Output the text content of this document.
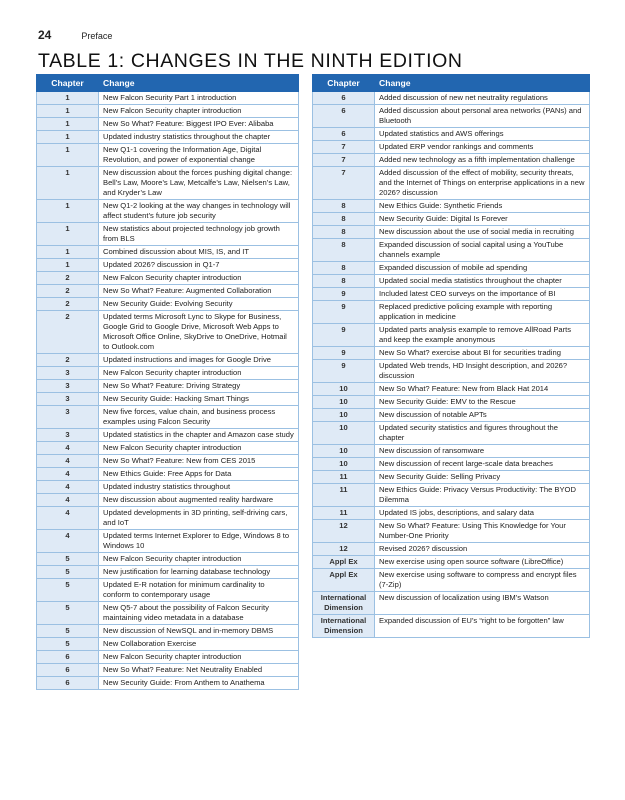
24	Preface
TABLE 1: CHANGES IN THE NINTH EDITION
Chapter	Change
1	New Falcon Security Part 1 introduction
1	New Falcon Security chapter introduction
1	New So What? Feature: Biggest IPO Ever: Alibaba
1	Updated industry statistics throughout the chapter
1	New Q1-1 covering the Information Age, Digital Revolution, and power of exponential change
1	New discussion about the forces pushing digital change: Bell’s Law, Moore’s Law, Metcalfe’s Law, Nielsen’s Law, and Kryder’s Law
1	New Q1-2 looking at the way changes in technology will affect student’s future job security
1	New statistics about projected technology job growth from BLS
1	Combined discussion about MIS, IS, and IT
1	Updated 2026? discussion in Q1-7
2	New Falcon Security chapter introduction
2	New So What? Feature: Augmented Collaboration
2	New Security Guide: Evolving Security
2	Updated terms Microsoft Lync to Skype for Business, Google Grid to Google Drive, Microsoft Web Apps to Microsoft Office Online, SkyDrive to OneDrive, Hotmail to Outlook.com
2	Updated instructions and images for Google Drive
3	New Falcon Security chapter introduction
3	New So What? Feature: Driving Strategy
3	New Security Guide: Hacking Smart Things
3	New five forces, value chain, and business process examples using Falcon Security
3	Updated statistics in the chapter and Amazon case study
4	New Falcon Security chapter introduction
4	New So What? Feature: New from CES 2015
4	New Ethics Guide: Free Apps for Data
4	Updated industry statistics throughout
4	New discussion about augmented reality hardware
4	Updated developments in 3D printing, self-driving cars, and IoT
4	Updated terms Internet Explorer to Edge, Windows 8 to Windows 10
5	New Falcon Security chapter introduction
5	New justification for learning database technology
5	Updated E-R notation for minimum cardinality to conform to contemporary usage
5	New Q5-7 about the possibility of Falcon Security maintaining video metadata in a database
5	New discussion of NewSQL and in-memory DBMS
5	New Collaboration Exercise
6	New Falcon Security chapter introduction
6	New So What? Feature: Net Neutrality Enabled
6	New Security Guide: From Anthem to Anathema
Chapter	Change
6	Added discussion of new net neutrality regulations
6	Added discussion about personal area networks (PANs) and Bluetooth
6	Updated statistics and AWS offerings
7	Updated ERP vendor rankings and comments
7	Added new technology as a fifth implementation challenge
7	Added discussion of the effect of mobility, security threats, and the Internet of Things on enterprise applications in a new 2026? discussion
8	New Ethics Guide: Synthetic Friends
8	New Security Guide: Digital Is Forever
8	New discussion about the use of social media in recruiting
8	Expanded discussion of social capital using a YouTube channels example
8	Expanded discussion of mobile ad spending
8	Updated social media statistics throughout the chapter
9	Included latest CEO surveys on the importance of BI
9	Replaced predictive policing example with reporting application in medicine
9	Updated parts analysis example to remove AllRoad Parts and keep the example anonymous
9	New So What? exercise about BI for securities trading
9	Updated Web trends, HD Insight description, and 2026? discussion
10	New So What? Feature: New from Black Hat 2014
10	New Security Guide: EMV to the Rescue
10	New discussion of notable APTs
10	Updated security statistics and figures throughout the chapter
10	New discussion of ransomware
10	New discussion of recent large-scale data breaches
11	New Security Guide: Selling Privacy
11	New Ethics Guide: Privacy Versus Productivity: The BYOD Dilemma
11	Updated IS jobs, descriptions, and salary data
12	New So What? Feature: Using This Knowledge for Your Number-One Priority
12	Revised 2026? discussion
Appl Ex	New exercise using open source software (LibreOffice)
Appl Ex	New exercise using software to compress and encrypt files (7-Zip)
International Dimension	New discussion of localization using IBM’s Watson
International Dimension	Expanded discussion of EU’s “right to be forgotten” law
